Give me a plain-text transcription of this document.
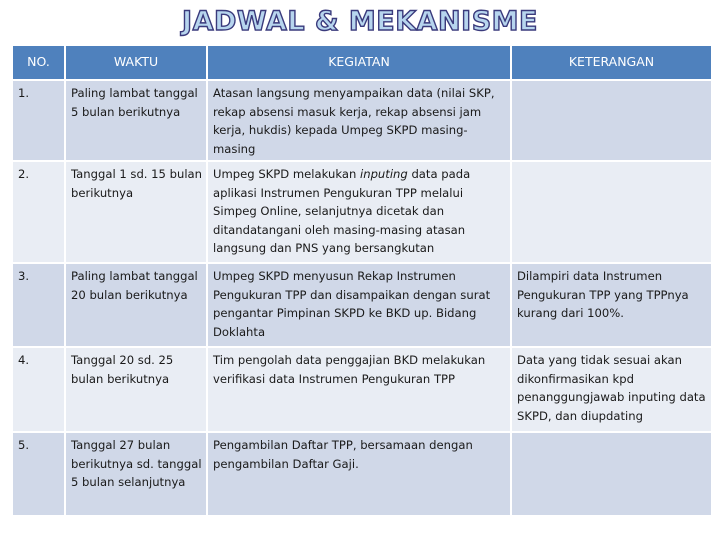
JADWAL & MEKANISME
NO.	WAKTU	KEGIATAN	KETERANGAN
1.	Paling lambat tanggal 5 bulan berikutnya	Atasan langsung menyampaikan data (nilai SKP, rekap absensi masuk kerja, rekap absensi jam kerja, hukdis) kepada Umpeg SKPD masing-masing	
2.	Tanggal 1 sd. 15 bulan berikutnya	Umpeg SKPD melakukan inputing data pada aplikasi Instrumen Pengukuran TPP melalui Simpeg Online, selanjutnya dicetak dan ditandatangani oleh masing-masing atasan langsung dan PNS yang bersangkutan	
3.	Paling lambat tanggal 20 bulan berikutnya	Umpeg SKPD menyusun Rekap Instrumen Pengukuran TPP dan disampaikan dengan surat pengantar Pimpinan SKPD ke BKD up. Bidang Doklahta	Dilampiri data Instrumen Pengukuran TPP yang TPPnya kurang dari 100%.
4.	Tanggal 20 sd. 25 bulan berikutnya	Tim pengolah data penggajian BKD melakukan verifikasi data Instrumen Pengukuran TPP	Data yang tidak sesuai akan dikonfirmasikan kpd penanggungjawab inputing data SKPD, dan diupdating
5.	Tanggal 27 bulan berikutnya sd. tanggal 5 bulan selanjutnya	Pengambilan Daftar TPP, bersamaan dengan pengambilan Daftar Gaji.	
